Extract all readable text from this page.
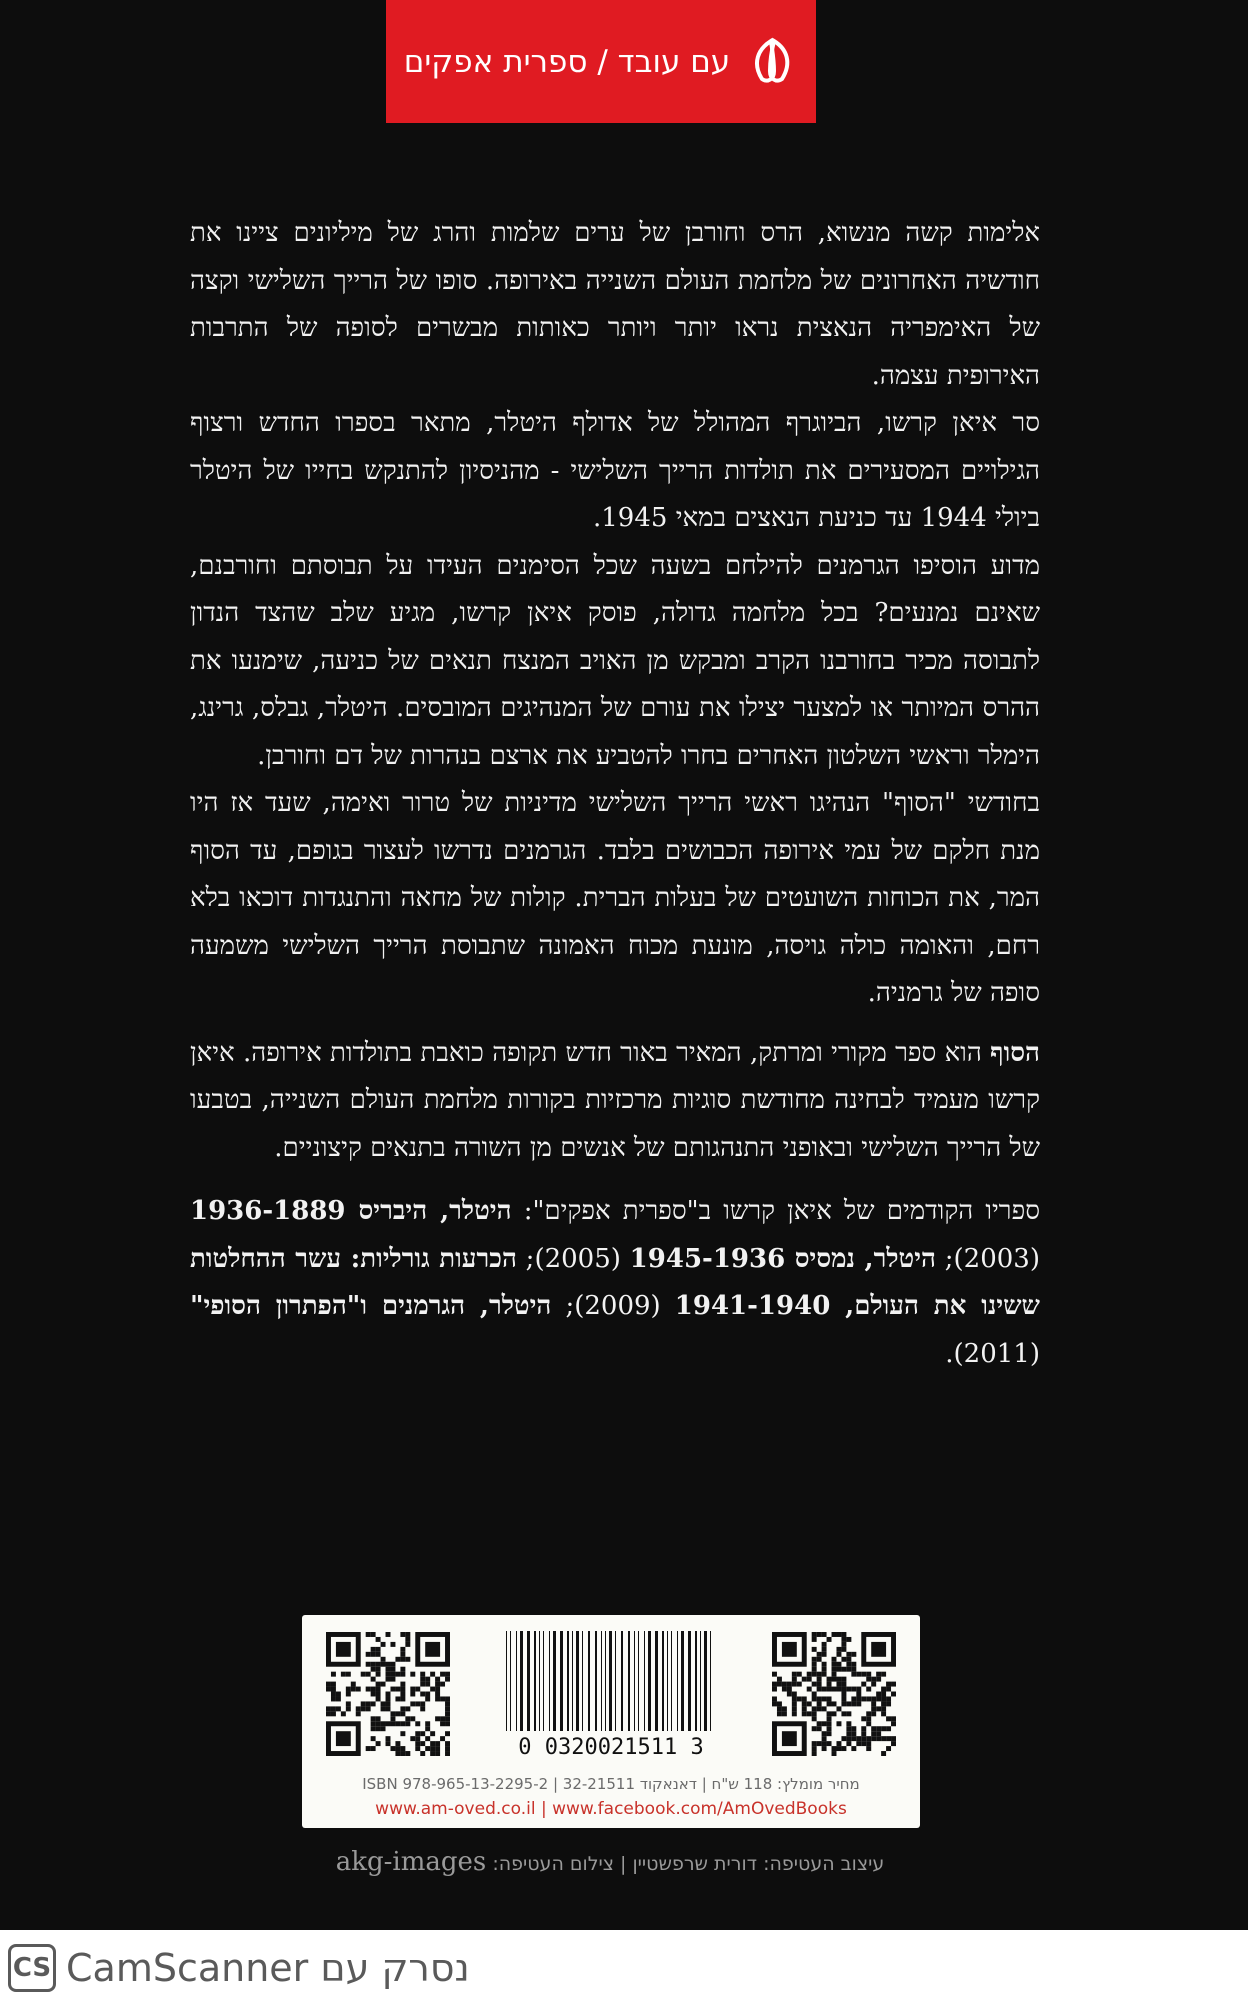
עם עובד / ספרית אפקים

אלימות קשה מנשוא, הרס וחורבן של ערים שלמות והרג של מיליונים ציינו את חודשיה האחרונים של מלחמת העולם השנייה באירופה. סופו של הרייך השלישי וקצה של האימפריה הנאצית נראו יותר ויותר כאותות מבשרים לסופה של התרבות האירופית עצמה.

סר איאן קרשו, הביוגרף המהולל של אדולף היטלר, מתאר בספרו החדש ורצוף הגילויים המסעירים את תולדות הרייך השלישי - מהניסיון להתנקש בחייו של היטלר ביולי 1944 עד כניעת הנאצים במאי 1945.

מדוע הוסיפו הגרמנים להילחם בשעה שכל הסימנים העידו על תבוסתם וחורבנם, שאינם נמנעים? בכל מלחמה גדולה, פוסק איאן קרשו, מגיע שלב שהצד הנדון לתבוסה מכיר בחורבנו הקרב ומבקש מן האויב המנצח תנאים של כניעה, שימנעו את ההרס המיותר או למצער יצילו את עורם של המנהיגים המובסים. היטלר, גבלס, גרינג, הימלר וראשי השלטון האחרים בחרו להטביע את ארצם בנהרות של דם וחורבן.

בחודשי "הסוף" הנהיגו ראשי הרייך השלישי מדיניות של טרור ואימה, שעד אז היו מנת חלקם של עמי אירופה הכבושים בלבד. הגרמנים נדרשו לעצור בגופם, עד הסוף המר, את הכוחות השועטים של בעלות הברית. קולות של מחאה והתנגדות דוכאו בלא רחם, והאומה כולה גויסה, מונעת מכוח האמונה שתבוסת הרייך השלישי משמעה סופה של גרמניה.

הסוף הוא ספר מקורי ומרתק, המאיר באור חדש תקופה כואבת בתולדות אירופה. איאן קרשו מעמיד לבחינה מחודשת סוגיות מרכזיות בקורות מלחמת העולם השנייה, בטבעו של הרייך השלישי ובאופני התנהגותם של אנשים מן השורה בתנאים קיצוניים.

ספריו הקודמים של איאן קרשו ב"ספרית אפקים": היטלר, היבריס 1936-1889 (2003); היטלר, נמסיס 1945-1936 (2005); הכרעות גורליות: עשר ההחלטות ששינו את העולם, 1941-1940 (2009); היטלר, הגרמנים ו"הפתרון הסופי" (2011).

0 0320021511 3
מחיר מומלץ: 118 ש"ח | דאנאקוד 32-21511 | ISBN 978-965-13-2295-2
www.am-oved.co.il | www.facebook.com/AmOvedBooks
עיצוב העטיפה: דורית שרפשטיין | צילום העטיפה: akg-images
CS CamScanner נסרק עם
